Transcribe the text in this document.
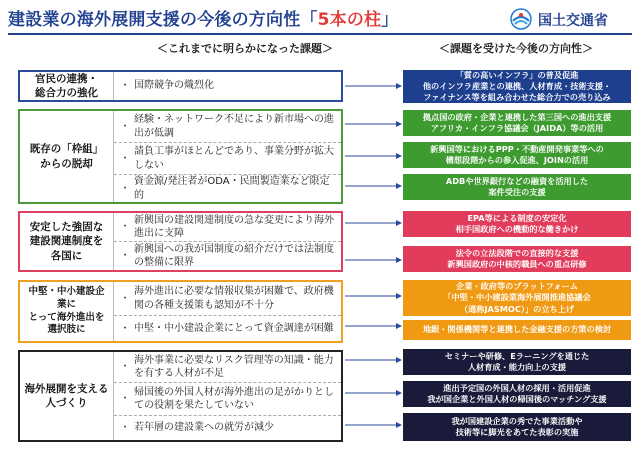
建設業の海外展開支援の今後の方向性「5本の柱」	国土交通省
＜これまでに明らかになった課題＞	＜課題を受けた今後の方向性＞
官民の連携・
総合力の強化
・ 国際競争の熾烈化
既存の「枠組」
からの脱却
・ 経験・ネットワーク不足により新市場への進出が低調
・ 請負工事がほとんどであり、事業分野が拡大しない
・ 資金源/発注者がODA・民間製造業など限定的
安定した強固な
建設関連制度を
各国に
・ 新興国の建設関連制度の急な変更により海外進出に支障
・ 新興国への我が国制度の紹介だけでは法制度の整備に限界
中堅・中小建設企業に
とって海外進出を
選択肢に
・ 海外進出に必要な情報収集が困難で、政府機関の各種支援策も認知が不十分
・ 中堅・中小建設企業にとって資金調達が困難
海外展開を支える
人づくり
・ 海外事業に必要なリスク管理等の知識・能力を有する人材が不足
・ 帰国後の外国人材が海外進出の足がかりとしての役割を果たしていない
・ 若年層の建設業への就労が減少
「質の高いインフラ」の普及促進
他のインフラ産業との連携、人材育成・技術支援・
ファイナンス等を組み合わせた総合力での売り込み
拠点国の政府・企業と連携した第三国への進出支援
アフリカ・インフラ協議会（JAIDA）等の活用
新興国等におけるPPP・不動産開発事業等への
構想段階からの参入促進、JOINの活用
ADBや世界銀行などの融資を活用した
案件受注の支援
EPA等による制度の安定化
相手国政府への機動的な働きかけ
法令の立法段階での直接的な支援
新興国政府の中核的職員への重点研修
企業・政府等のプラットフォーム
「中堅・中小建設業海外展開推進協議会
（通称JASMOC）」の立ち上げ
地銀・関係機関等と連携した金融支援の方策の検討
セミナーや研修、Eラーニングを通じた
人材育成・能力向上の支援
進出予定国の外国人材の採用・活用促進
我が国企業と外国人材の帰国後のマッチング支援
我が国建設企業の秀でた事業活動や
技術等に脚光をあてた表彰の実施
